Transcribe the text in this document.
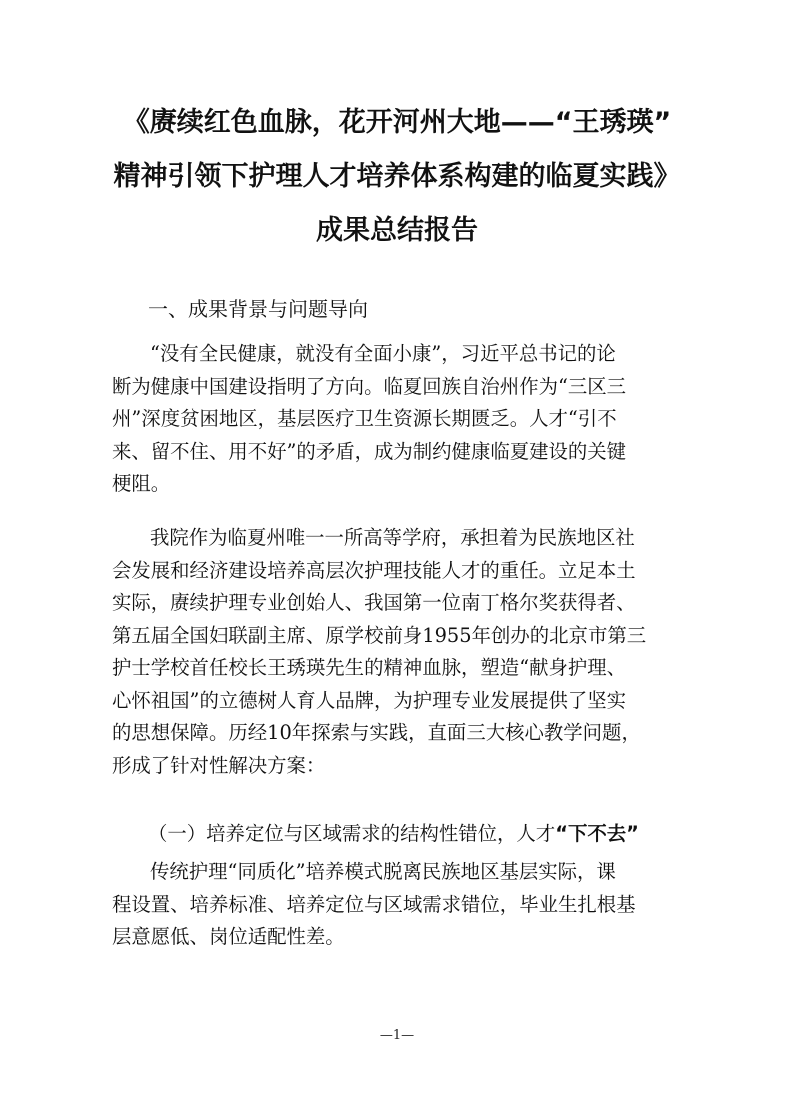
《赓续红色血脉，花开河州大地——“王琇瑛”
精神引领下护理人才培养体系构建的临夏实践》
成果总结报告
一、成果背景与问题导向
“没有全民健康，就没有全面小康”，习近平总书记的论
断为健康中国建设指明了方向。临夏回族自治州作为“三区三
州”深度贫困地区，基层医疗卫生资源长期匮乏。人才“引不
来、留不住、用不好”的矛盾，成为制约健康临夏建设的关键
梗阻。
我院作为临夏州唯一一所高等学府，承担着为民族地区社
会发展和经济建设培养高层次护理技能人才的重任。立足本土
实际，赓续护理专业创始人、我国第一位南丁格尔奖获得者、
第五届全国妇联副主席、原学校前身1955年创办的北京市第三
护士学校首任校长王琇瑛先生的精神血脉，塑造“献身护理、
心怀祖国”的立德树人育人品牌，为护理专业发展提供了坚实
的思想保障。历经10年探索与实践，直面三大核心教学问题，
形成了针对性解决方案：
（一）培养定位与区域需求的结构性错位，人才“下不去”
传统护理“同质化”培养模式脱离民族地区基层实际，课
程设置、培养标准、培养定位与区域需求错位，毕业生扎根基
层意愿低、岗位适配性差。
—1—
